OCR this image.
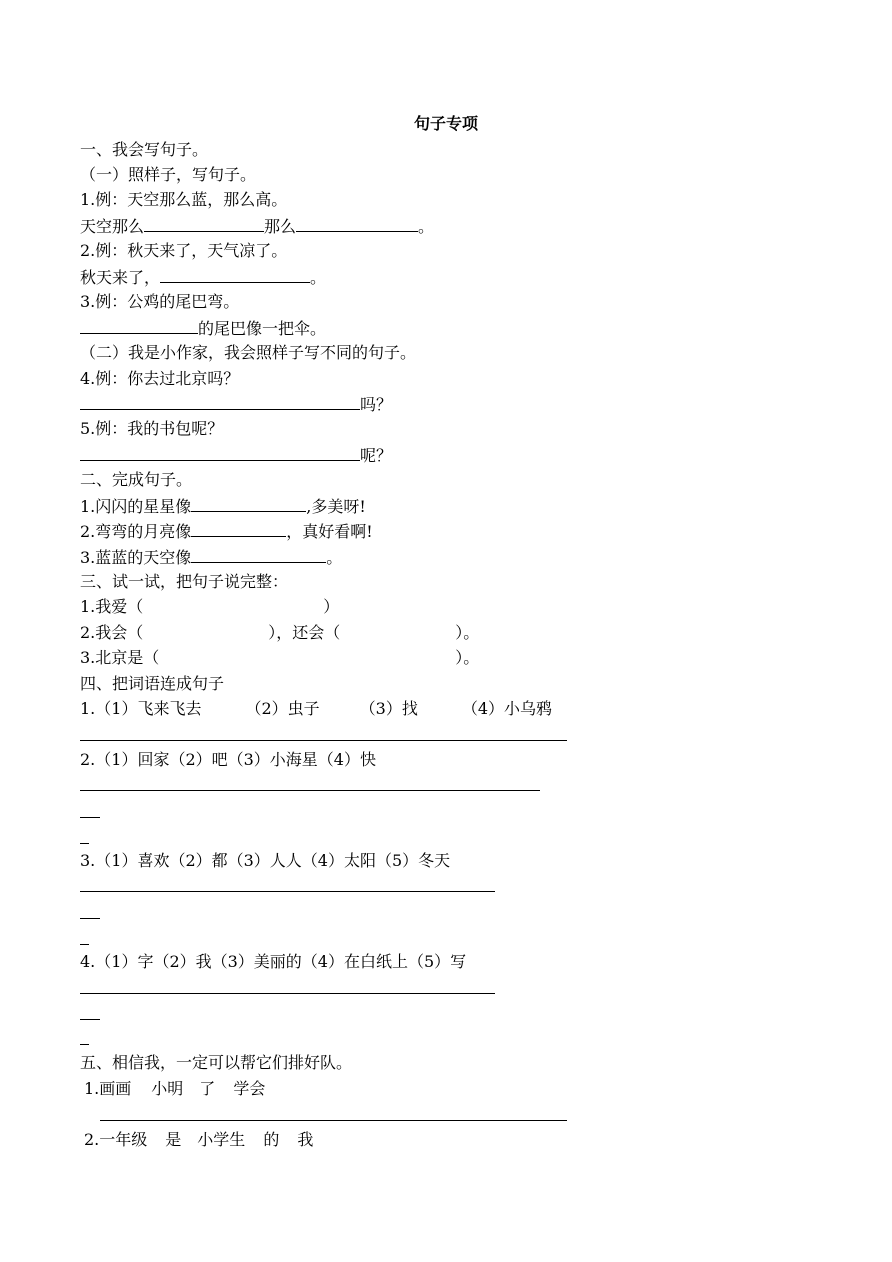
句子专项
一、我会写句子。
（一）照样子，写句子。
1.例：天空那么蓝，那么高。
天空那么	那么	。
2.例：秋天来了，天气凉了。
秋天来了，	。
3.例：公鸡的尾巴弯。
的尾巴像一把伞。
（二）我是小作家，我会照样子写不同的句子。
4.例：你去过北京吗？
吗？
5.例：我的书包呢？
呢？
二、完成句子。
1.闪闪的星星像	,多美呀!
2.弯弯的月亮像	，真好看啊!
3.蓝蓝的天空像	。
三、试一试，把句子说完整：
1.我爱（	）
2.我会（	），还会（	）。
3.北京是（	）。
四、把词语连成句子
1.（1）飞来飞去	（2）虫子	（3）找	（4）小乌鸦
2.（1）回家（2）吧（3）小海星（4）快
3.（1）喜欢（2）都（3）人人（4）太阳（5）冬天
4.（1）字（2）我（3）美丽的（4）在白纸上（5）写
五、相信我，一定可以帮它们排好队。
1.画画 小明 了 学会
2.一年级 是 小学生 的 我
